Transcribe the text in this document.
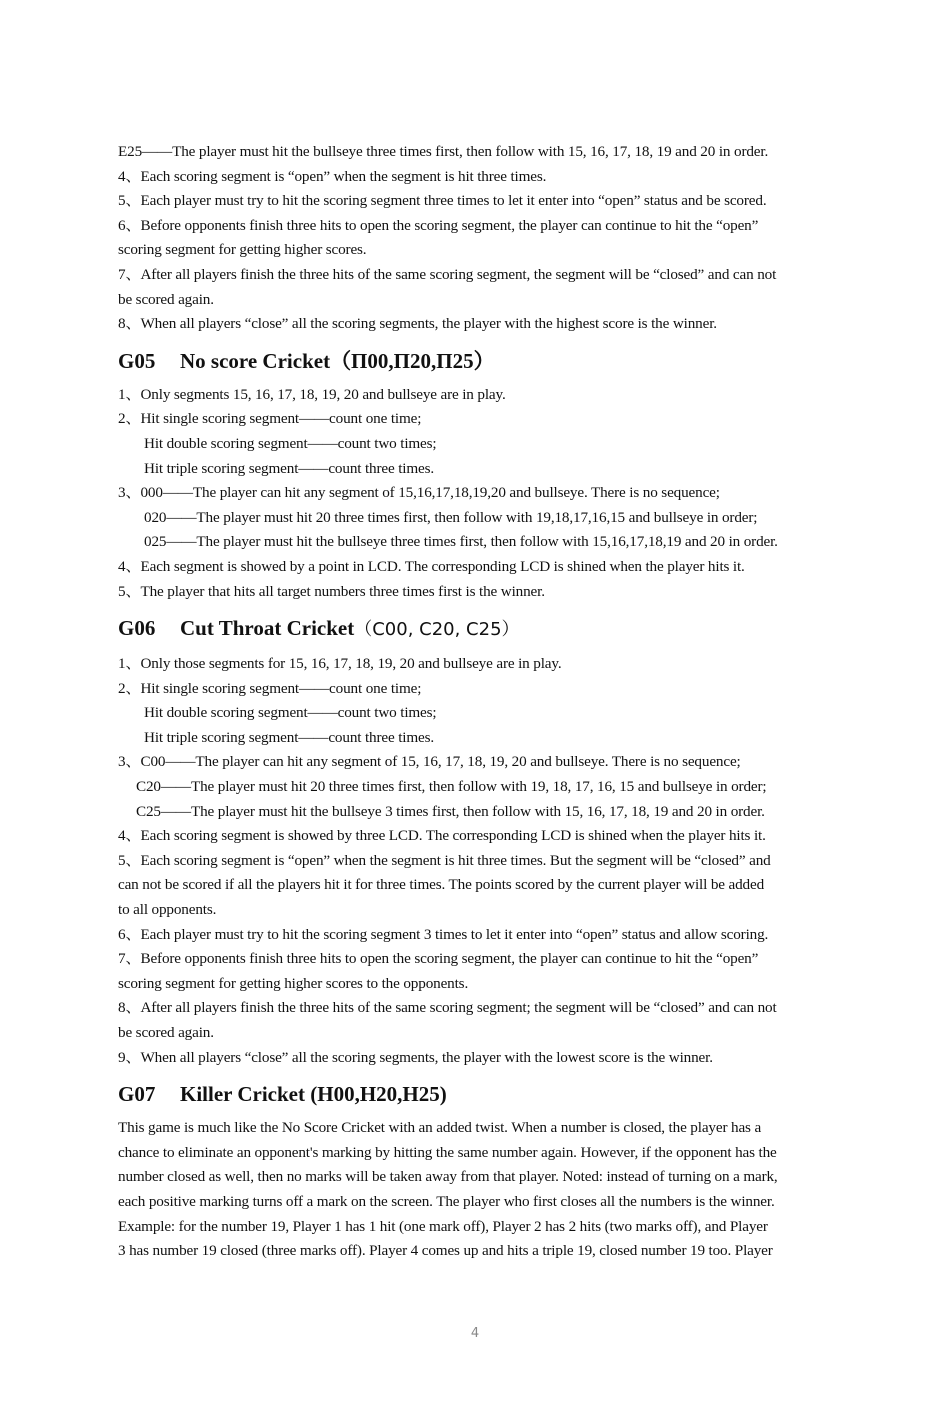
E25——The player must hit the bullseye three times first, then follow with 15, 16, 17, 18, 19 and 20 in order.
4、Each scoring segment is “open” when the segment is hit three times.
5、Each player must try to hit the scoring segment three times to let it enter into “open” status and be scored.
6、Before opponents finish three hits to open the scoring segment, the player can continue to hit the “open”
scoring segment for getting higher scores.
7、After all players finish the three hits of the same scoring segment, the segment will be “closed” and can not
be scored again.
8、When all players “close” all the scoring segments, the player with the highest score is the winner.
G05 No score Cricket（П00,П20,П25）
1、Only segments 15, 16, 17, 18, 19, 20 and bullseye are in play.
2、Hit single scoring segment——count one time;
Hit double scoring segment——count two times;
Hit triple scoring segment——count three times.
3、000——The player can hit any segment of 15,16,17,18,19,20 and bullseye. There is no sequence;
020——The player must hit 20 three times first, then follow with 19,18,17,16,15 and bullseye in order;
025——The player must hit the bullseye three times first, then follow with 15,16,17,18,19 and 20 in order.
4、Each segment is showed by a point in LCD. The corresponding LCD is shined when the player hits it.
5、The player that hits all target numbers three times first is the winner.
G06 Cut Throat Cricket（C00, C20, C25）
1、Only those segments for 15, 16, 17, 18, 19, 20 and bullseye are in play.
2、Hit single scoring segment——count one time;
Hit double scoring segment——count two times;
Hit triple scoring segment——count three times.
3、C00——The player can hit any segment of 15, 16, 17, 18, 19, 20 and bullseye. There is no sequence;
C20——The player must hit 20 three times first, then follow with 19, 18, 17, 16, 15 and bullseye in order;
C25——The player must hit the bullseye 3 times first, then follow with 15, 16, 17, 18, 19 and 20 in order.
4、Each scoring segment is showed by three LCD. The corresponding LCD is shined when the player hits it.
5、Each scoring segment is “open” when the segment is hit three times. But the segment will be “closed” and
can not be scored if all the players hit it for three times. The points scored by the current player will be added
to all opponents.
6、Each player must try to hit the scoring segment 3 times to let it enter into “open” status and allow scoring.
7、Before opponents finish three hits to open the scoring segment, the player can continue to hit the “open”
scoring segment for getting higher scores to the opponents.
8、After all players finish the three hits of the same scoring segment; the segment will be “closed” and can not
be scored again.
9、When all players “close” all the scoring segments, the player with the lowest score is the winner.
G07 Killer Cricket (H00,H20,H25)
This game is much like the No Score Cricket with an added twist. When a number is closed, the player has a
chance to eliminate an opponent's marking by hitting the same number again. However, if the opponent has the
number closed as well, then no marks will be taken away from that player. Noted: instead of turning on a mark,
each positive marking turns off a mark on the screen. The player who first closes all the numbers is the winner.
Example: for the number 19, Player 1 has 1 hit (one mark off), Player 2 has 2 hits (two marks off), and Player
3 has number 19 closed (three marks off). Player 4 comes up and hits a triple 19, closed number 19 too. Player
4
